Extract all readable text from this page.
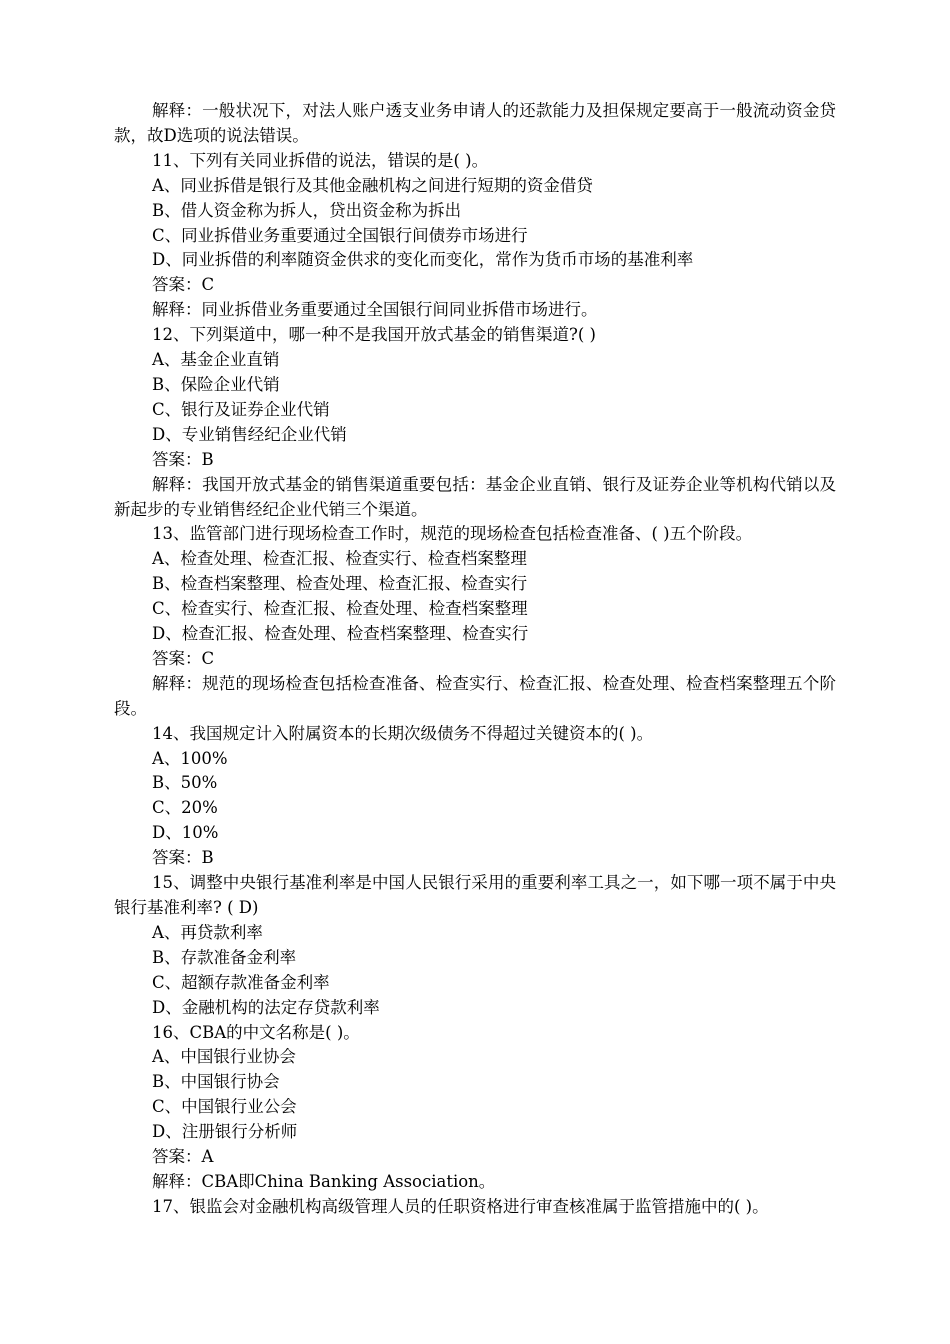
解释：一般状况下，对法人账户透支业务申请人的还款能力及担保规定要高于一般流动资金贷款，故D选项的说法错误。

11、下列有关同业拆借的说法，错误的是( )。

A、同业拆借是银行及其他金融机构之间进行短期的资金借贷

B、借人资金称为拆人，贷出资金称为拆出

C、同业拆借业务重要通过全国银行间债券市场进行

D、同业拆借的利率随资金供求的变化而变化，常作为货币市场的基准利率

答案：C

解释：同业拆借业务重要通过全国银行间同业拆借市场进行。

12、下列渠道中，哪一种不是我国开放式基金的销售渠道?( )

A、基金企业直销

B、保险企业代销

C、银行及证券企业代销

D、专业销售经纪企业代销

答案：B

解释：我国开放式基金的销售渠道重要包括：基金企业直销、银行及证券企业等机构代销以及新起步的专业销售经纪企业代销三个渠道。

13、监管部门进行现场检查工作时，规范的现场检查包括检查准备、( )五个阶段。

A、检查处理、检查汇报、检查实行、检查档案整理

B、检查档案整理、检查处理、检查汇报、检查实行

C、检查实行、检查汇报、检查处理、检查档案整理

D、检查汇报、检查处理、检查档案整理、检查实行

答案：C

解释：规范的现场检查包括检查准备、检查实行、检查汇报、检查处理、检查档案整理五个阶段。

14、我国规定计入附属资本的长期次级债务不得超过关键资本的( )。

A、100%

B、50%

C、20%

D、10%

答案：B

15、调整中央银行基准利率是中国人民银行采用的重要利率工具之一，如下哪一项不属于中央银行基准利率? ( D)

A、再贷款利率

B、存款准备金利率

C、超额存款准备金利率

D、金融机构的法定存贷款利率

16、CBA的中文名称是( )。

A、中国银行业协会

B、中国银行协会

C、中国银行业公会

D、注册银行分析师

答案：A

解释：CBA即China Banking Association。

17、银监会对金融机构高级管理人员的任职资格进行审查核准属于监管措施中的( )。
